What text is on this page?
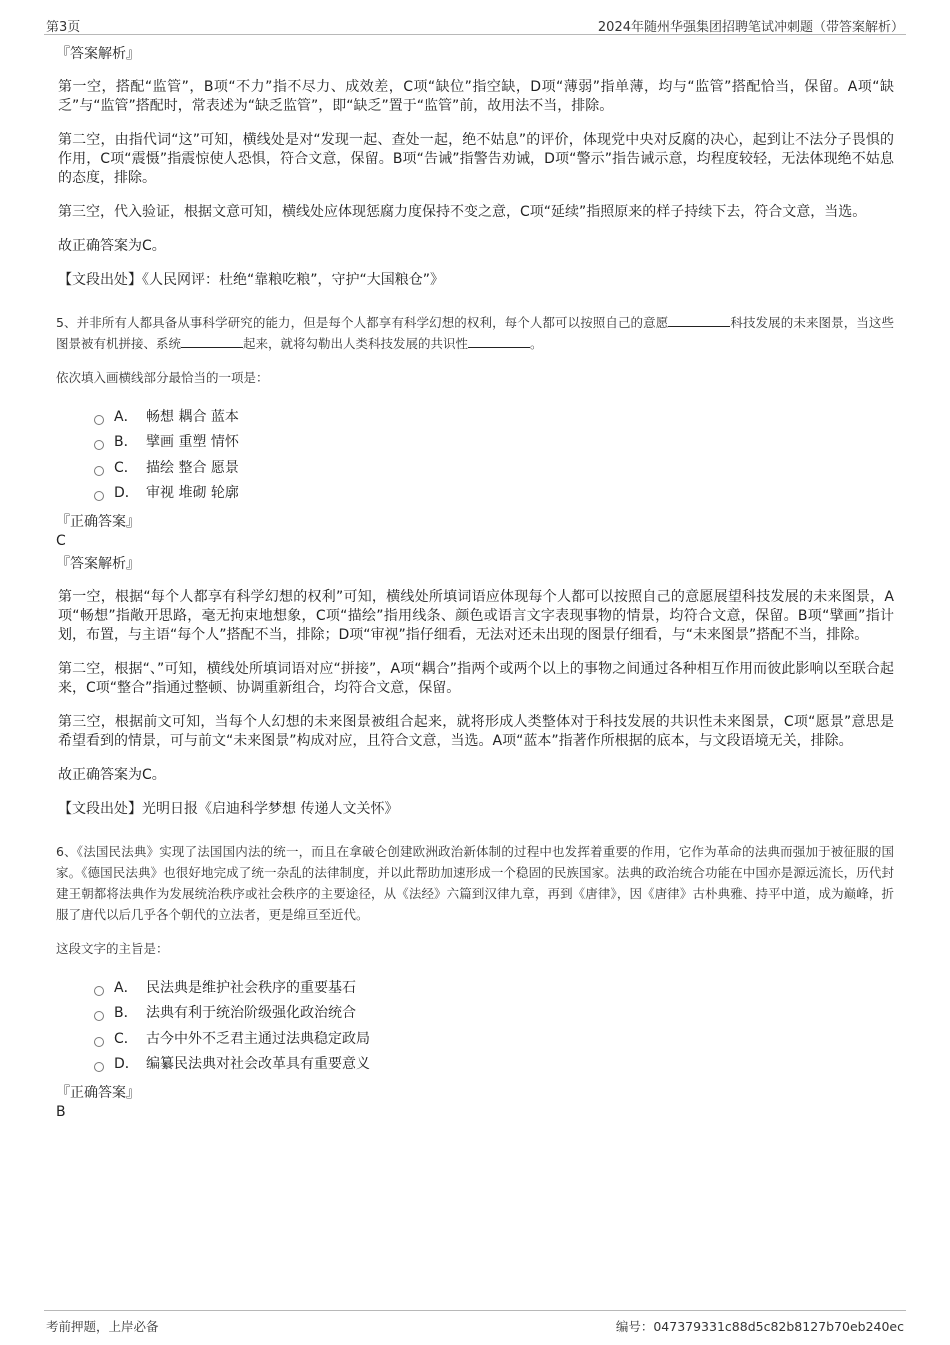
第3页	2024年随州华强集团招聘笔试冲刺题（带答案解析）

『答案解析』

第一空，搭配“监管”，B项“不力”指不尽力、成效差，C项“缺位”指空缺，D项“薄弱”指单薄，均与“监管”搭配恰当，保留。A项“缺乏”与“监管”搭配时，常表述为“缺乏监管”，即“缺乏”置于“监管”前，故用法不当，排除。

第二空，由指代词“这”可知，横线处是对“发现一起、查处一起，绝不姑息”的评价，体现党中央对反腐的决心，起到让不法分子畏惧的作用，C项“震慑”指震惊使人恐惧，符合文意，保留。B项“告诫”指警告劝诫，D项“警示”指告诫示意，均程度较轻，无法体现绝不姑息的态度，排除。

第三空，代入验证，根据文意可知，横线处应体现惩腐力度保持不变之意，C项“延续”指照原来的样子持续下去，符合文意，当选。

故正确答案为C。

【文段出处】《人民网评：杜绝“靠粮吃粮”，守护“大国粮仓”》

5、并非所有人都具备从事科学研究的能力，但是每个人都享有科学幻想的权利，每个人都可以按照自己的意愿	科技发展的未来图景，当这些图景被有机拼接、系统	起来，就将勾勒出人类科技发展的共识性	。

依次填入画横线部分最恰当的一项是：

A． 畅想 耦合 蓝本
B． 擘画 重塑 情怀
C． 描绘 整合 愿景
D． 审视 堆砌 轮廓

『正确答案』

C

『答案解析』

第一空，根据“每个人都享有科学幻想的权利”可知，横线处所填词语应体现每个人都可以按照自己的意愿展望科技发展的未来图景，A项“畅想”指敞开思路，毫无拘束地想象，C项“描绘”指用线条、颜色或语言文字表现事物的情景，均符合文意，保留。B项“擘画”指计划，布置，与主语“每个人”搭配不当，排除；D项“审视”指仔细看，无法对还未出现的图景仔细看，与“未来图景”搭配不当，排除。

第二空，根据“、”可知，横线处所填词语对应“拼接”，A项“耦合”指两个或两个以上的事物之间通过各种相互作用而彼此影响以至联合起来，C项“整合”指通过整顿、协调重新组合，均符合文意，保留。

第三空，根据前文可知，当每个人幻想的未来图景被组合起来，就将形成人类整体对于科技发展的共识性未来图景，C项“愿景”意思是希望看到的情景，可与前文“未来图景”构成对应，且符合文意，当选。A项“蓝本”指著作所根据的底本，与文段语境无关，排除。

故正确答案为C。

【文段出处】光明日报《启迪科学梦想 传递人文关怀》

6、《法国民法典》实现了法国国内法的统一，而且在拿破仑创建欧洲政治新体制的过程中也发挥着重要的作用，它作为革命的法典而强加于被征服的国家。《德国民法典》也很好地完成了统一杂乱的法律制度，并以此帮助加速形成一个稳固的民族国家。法典的政治统合功能在中国亦是源远流长，历代封建王朝都将法典作为发展统治秩序或社会秩序的主要途径，从《法经》六篇到汉律九章，再到《唐律》，因《唐律》古朴典雅、持平中道，成为巅峰，折服了唐代以后几乎各个朝代的立法者，更是绵亘至近代。

这段文字的主旨是：

A． 民法典是维护社会秩序的重要基石
B． 法典有利于统治阶级强化政治统合
C． 古今中外不乏君主通过法典稳定政局
D． 编纂民法典对社会改革具有重要意义

『正确答案』

B

考前押题，上岸必备	编号：047379331c88d5c82b8127b70eb240ec
